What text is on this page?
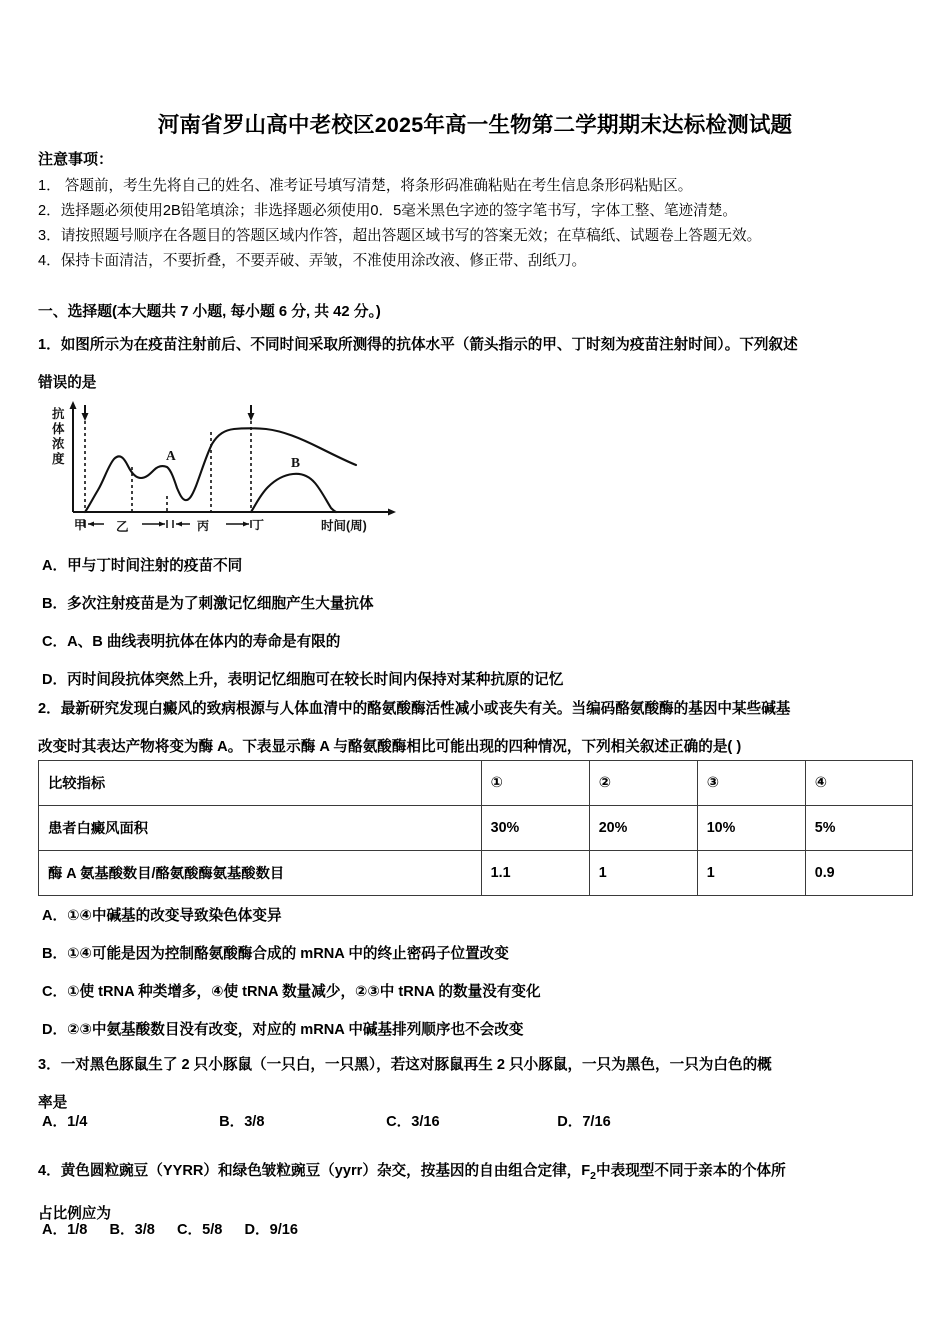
河南省罗山高中老校区2025年高一生物第二学期期末达标检测试题
注意事项：
1． 答题前，考生先将自己的姓名、准考证号填写清楚，将条形码准确粘贴在考生信息条形码粘贴区。
2．选择题必须使用2B铅笔填涂；非选择题必须使用0．5毫米黑色字迹的签字笔书写，字体工整、笔迹清楚。
3．请按照题号顺序在各题目的答题区域内作答，超出答题区域书写的答案无效；在草稿纸、试题卷上答题无效。
4．保持卡面清洁，不要折叠，不要弄破、弄皱，不准使用涂改液、修正带、刮纸刀。
一、选择题(本大题共 7 小题, 每小题 6 分, 共 42 分。)
1．如图所示为在疫苗注射前后、不同时间采取所测得的抗体水平（箭头指示的甲、丁时刻为疫苗注射时间）。下列叙述
错误的是
抗
体
浓
度	A	B
甲 乙	丙	丁	时间(周)
A．甲与丁时间注射的疫苗不同
B．多次注射疫苗是为了刺激记忆细胞产生大量抗体
C．A、B 曲线表明抗体在体内的寿命是有限的
D．丙时间段抗体突然上升，表明记忆细胞可在较长时间内保持对某种抗原的记忆
2．最新研究发现白癜风的致病根源与人体血清中的酪氨酸酶活性减小或丧失有关。当编码酪氨酸酶的基因中某些碱基
改变时其表达产物将变为酶 A。下表显示酶 A 与酪氨酸酶相比可能出现的四种情况，下列相关叙述正确的是( )
比较指标	①	②	③	④
患者白癜风面积	30%	20%	10%	5%
酶 A 氨基酸数目/酪氨酸酶氨基酸数目	1.1	1	1	0.9
A．①④中碱基的改变导致染色体变异
B．①④可能是因为控制酪氨酸酶合成的 mRNA 中的终止密码子位置改变
C．①使 tRNA 种类增多，④使 tRNA 数量减少，②③中 tRNA 的数量没有变化
D．②③中氨基酸数目没有改变，对应的 mRNA 中碱基排列顺序也不会改变
3．一对黑色豚鼠生了 2 只小豚鼠（一只白，一只黑），若这对豚鼠再生 2 只小豚鼠，一只为黑色，一只为白色的概
率是
A．1/4	B．3/8	C．3/16	D．7/16
4．黄色圆粒豌豆（YYRR）和绿色皱粒豌豆（yyrr）杂交，按基因的自由组合定律，$F_2$中表现型不同于亲本的个体所
占比例应为
A．1/8 B．3/8 C．5/8 D．9/16
